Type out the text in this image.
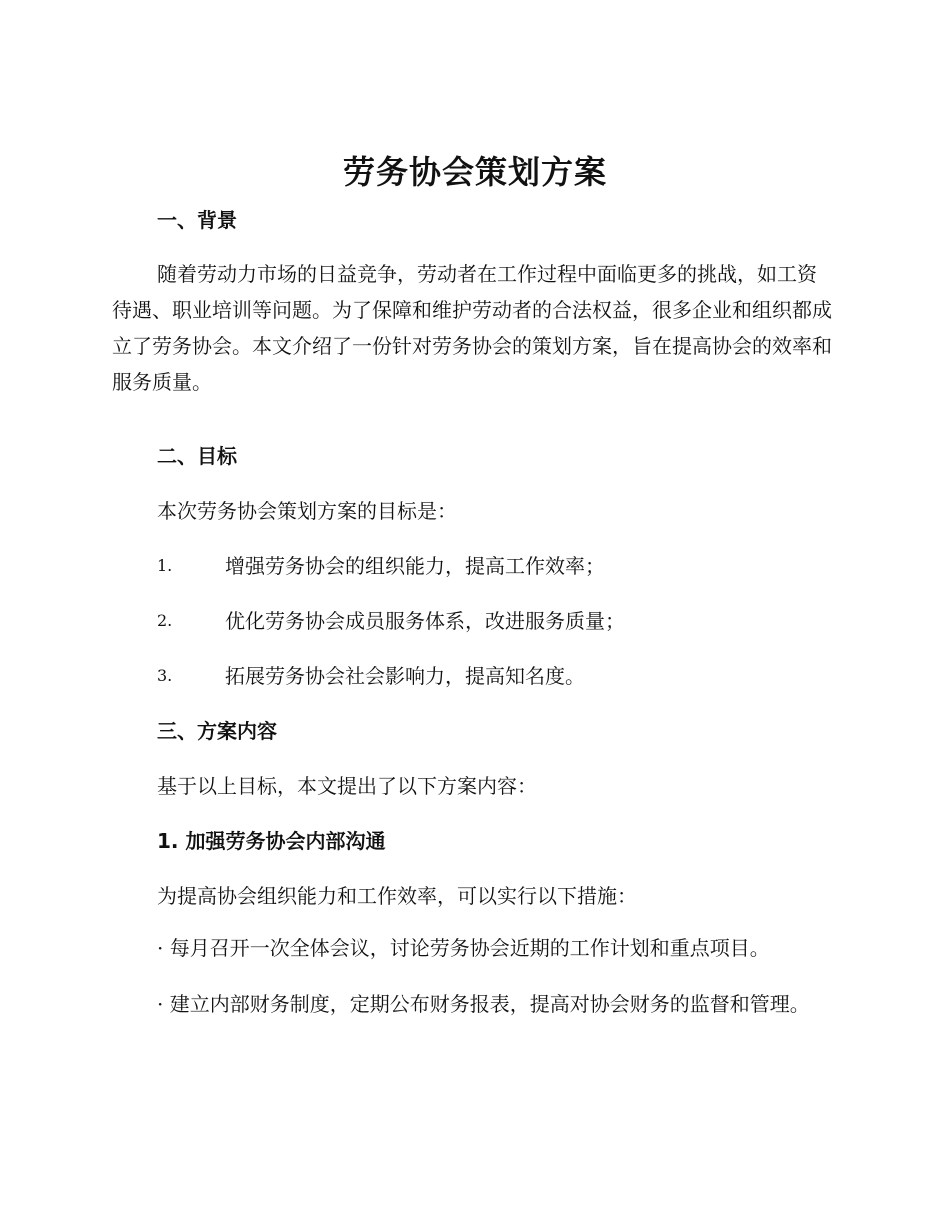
劳务协会策划方案
一、背景

随着劳动力市场的日益竞争，劳动者在工作过程中面临更多的挑战，如工资待遇、职业培训等问题。为了保障和维护劳动者的合法权益，很多企业和组织都成立了劳务协会。本文介绍了一份针对劳务协会的策划方案，旨在提高协会的效率和服务质量。

二、目标

本次劳务协会策划方案的目标是：

1.	增强劳务协会的组织能力，提高工作效率；
2.	优化劳务协会成员服务体系，改进服务质量；
3.	拓展劳务协会社会影响力，提高知名度。
三、方案内容

基于以上目标，本文提出了以下方案内容：

1. 加强劳务协会内部沟通

为提高协会组织能力和工作效率，可以实行以下措施：

· 每月召开一次全体会议，讨论劳务协会近期的工作计划和重点项目。

· 建立内部财务制度，定期公布财务报表，提高对协会财务的监督和管理。
